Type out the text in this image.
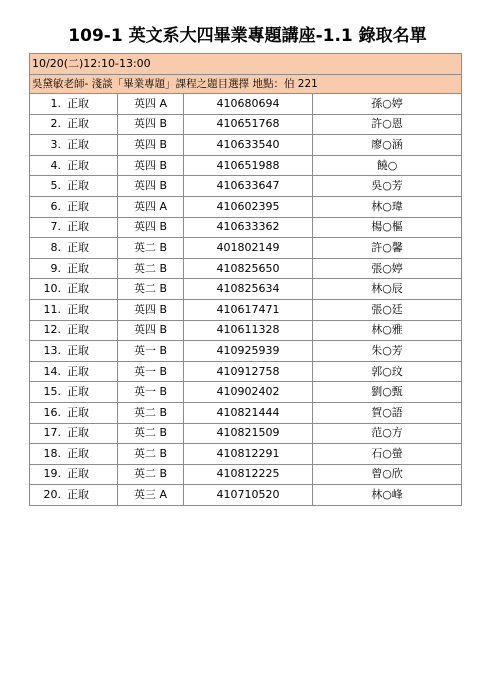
109-1 英文系大四畢業專題講座-1.1 錄取名單
10/20(二)12:10-13:00			
吳黛敏老師- 淺談「畢業專題」課程之題目選擇 地點：伯 221			
1. 正取	英四 A	410680694	孫○婷
2. 正取	英四 B	410651768	許○恩
3. 正取	英四 B	410633540	廖○涵
4. 正取	英四 B	410651988	饒○
5. 正取	英四 B	410633647	吳○芳
6. 正取	英四 A	410602395	林○瑋
7. 正取	英四 B	410633362	楊○樞
8. 正取	英二 B	401802149	許○馨
9. 正取	英二 B	410825650	張○婷
10. 正取	英二 B	410825634	林○辰
11. 正取	英四 B	410617471	張○廷
12. 正取	英四 B	410611328	林○雅
13. 正取	英一 B	410925939	朱○芳
14. 正取	英一 B	410912758	郭○玟
15. 正取	英一 B	410902402	劉○甄
16. 正取	英二 B	410821444	賀○語
17. 正取	英二 B	410821509	范○方
18. 正取	英二 B	410812291	石○螢
19. 正取	英二 B	410812225	曾○欣
20. 正取	英三 A	410710520	林○峰
